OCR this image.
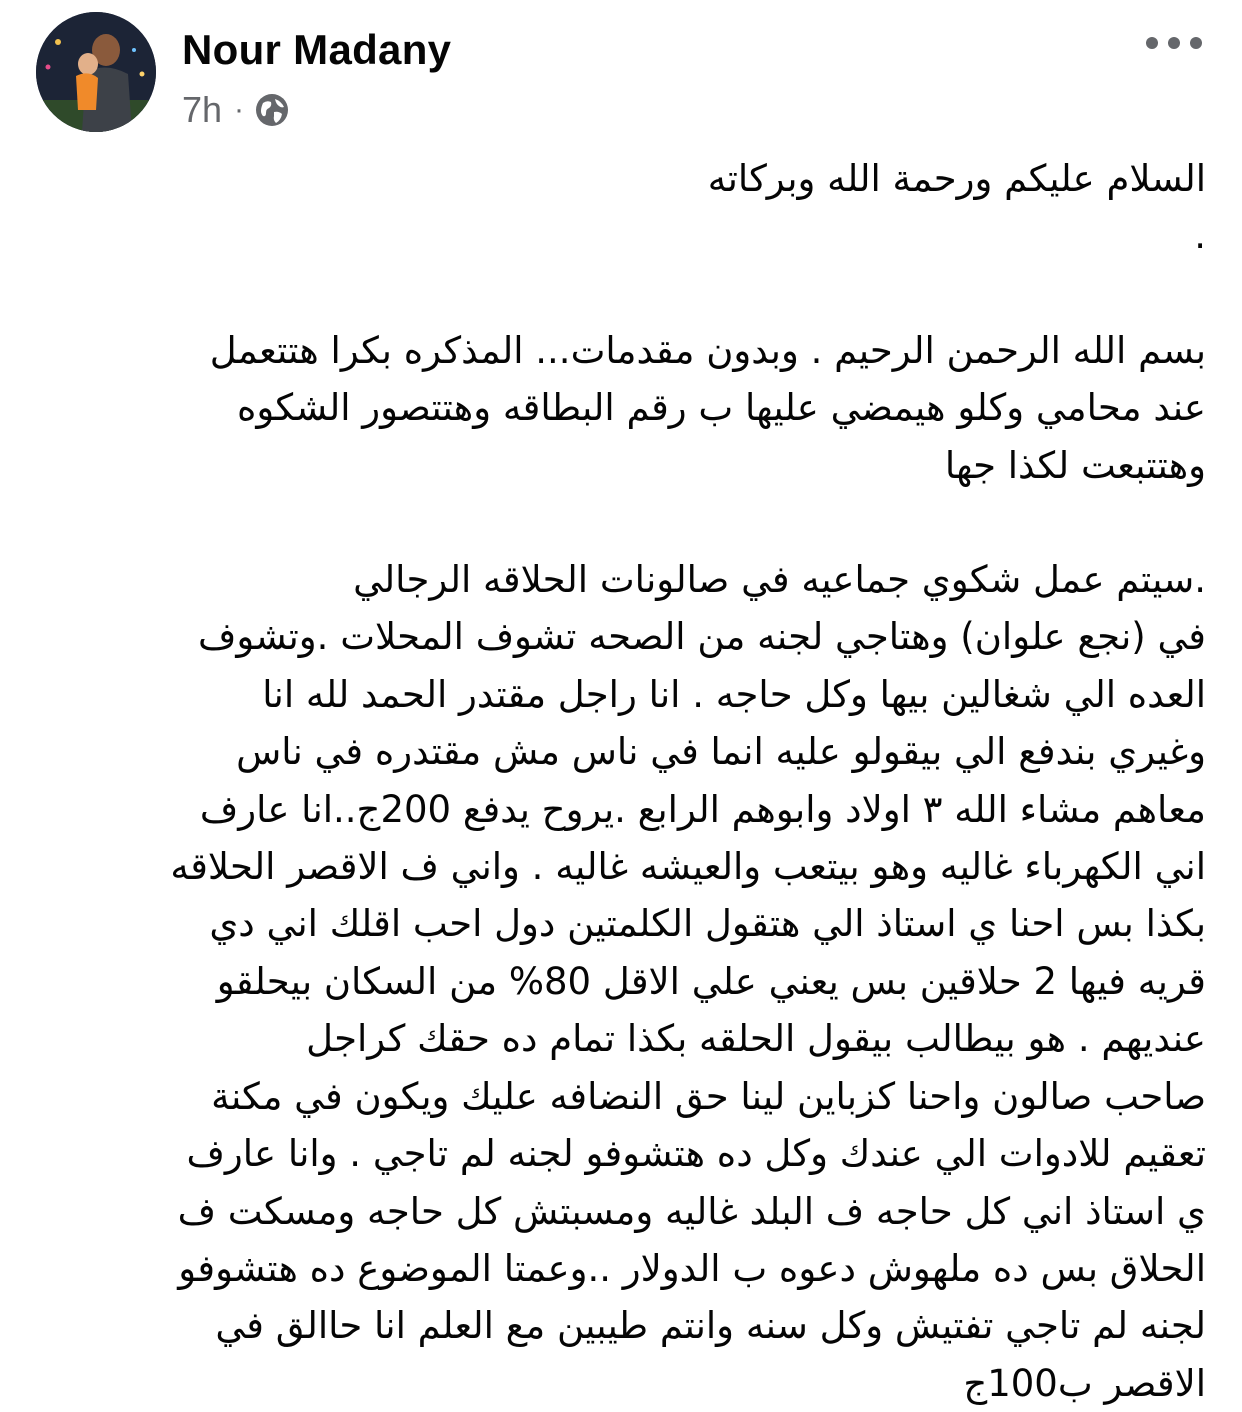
Nour Madany
7h ·

السلام عليكم ورحمة الله وبركاته
.

بسم الله الرحمن الرحيم . وبدون مقدمات... المذكره بكرا هتتعمل
عند محامي وكلو هيمضي عليها ب رقم البطاقه وهتتصور الشكوه
وهتتبعت لكذا جها

.سيتم عمل شكوي جماعيه في صالونات الحلاقه الرجالي
في (نجع علوان) وهتاجي لجنه من الصحه تشوف المحلات .وتشوف
العده الي شغالين بيها وكل حاجه . انا راجل مقتدر الحمد لله انا
وغيري بندفع الي بيقولو عليه انما في ناس مش مقتدره في ناس
معاهم مشاء الله ٣ اولاد وابوهم الرابع .يروح يدفع 200ج..انا عارف
اني الكهرباء غاليه وهو بيتعب والعيشه غاليه . واني ف الاقصر الحلاقه
بكذا بس احنا ي استاذ الي هتقول الكلمتين دول احب اقلك اني دي
قريه فيها 2 حلاقين بس يعني علي الاقل 80% من السكان بيحلقو
عنديهم . هو بيطالب بيقول الحلقه بكذا تمام ده حقك كراجل
صاحب صالون واحنا كزباين لينا حق النضافه عليك ويكون في مكنة
تعقيم للادوات الي عندك وكل ده هتشوفو لجنه لم تاجي . وانا عارف
ي استاذ اني كل حاجه ف البلد غاليه ومسبتش كل حاجه ومسكت ف
الحلاق بس ده ملهوش دعوه ب الدولار ..وعمتا الموضوع ده هتشوفو
لجنه لم تاجي تفتيش وكل سنه وانتم طيبين مع العلم انا حاالق في
الاقصر ب100ج
